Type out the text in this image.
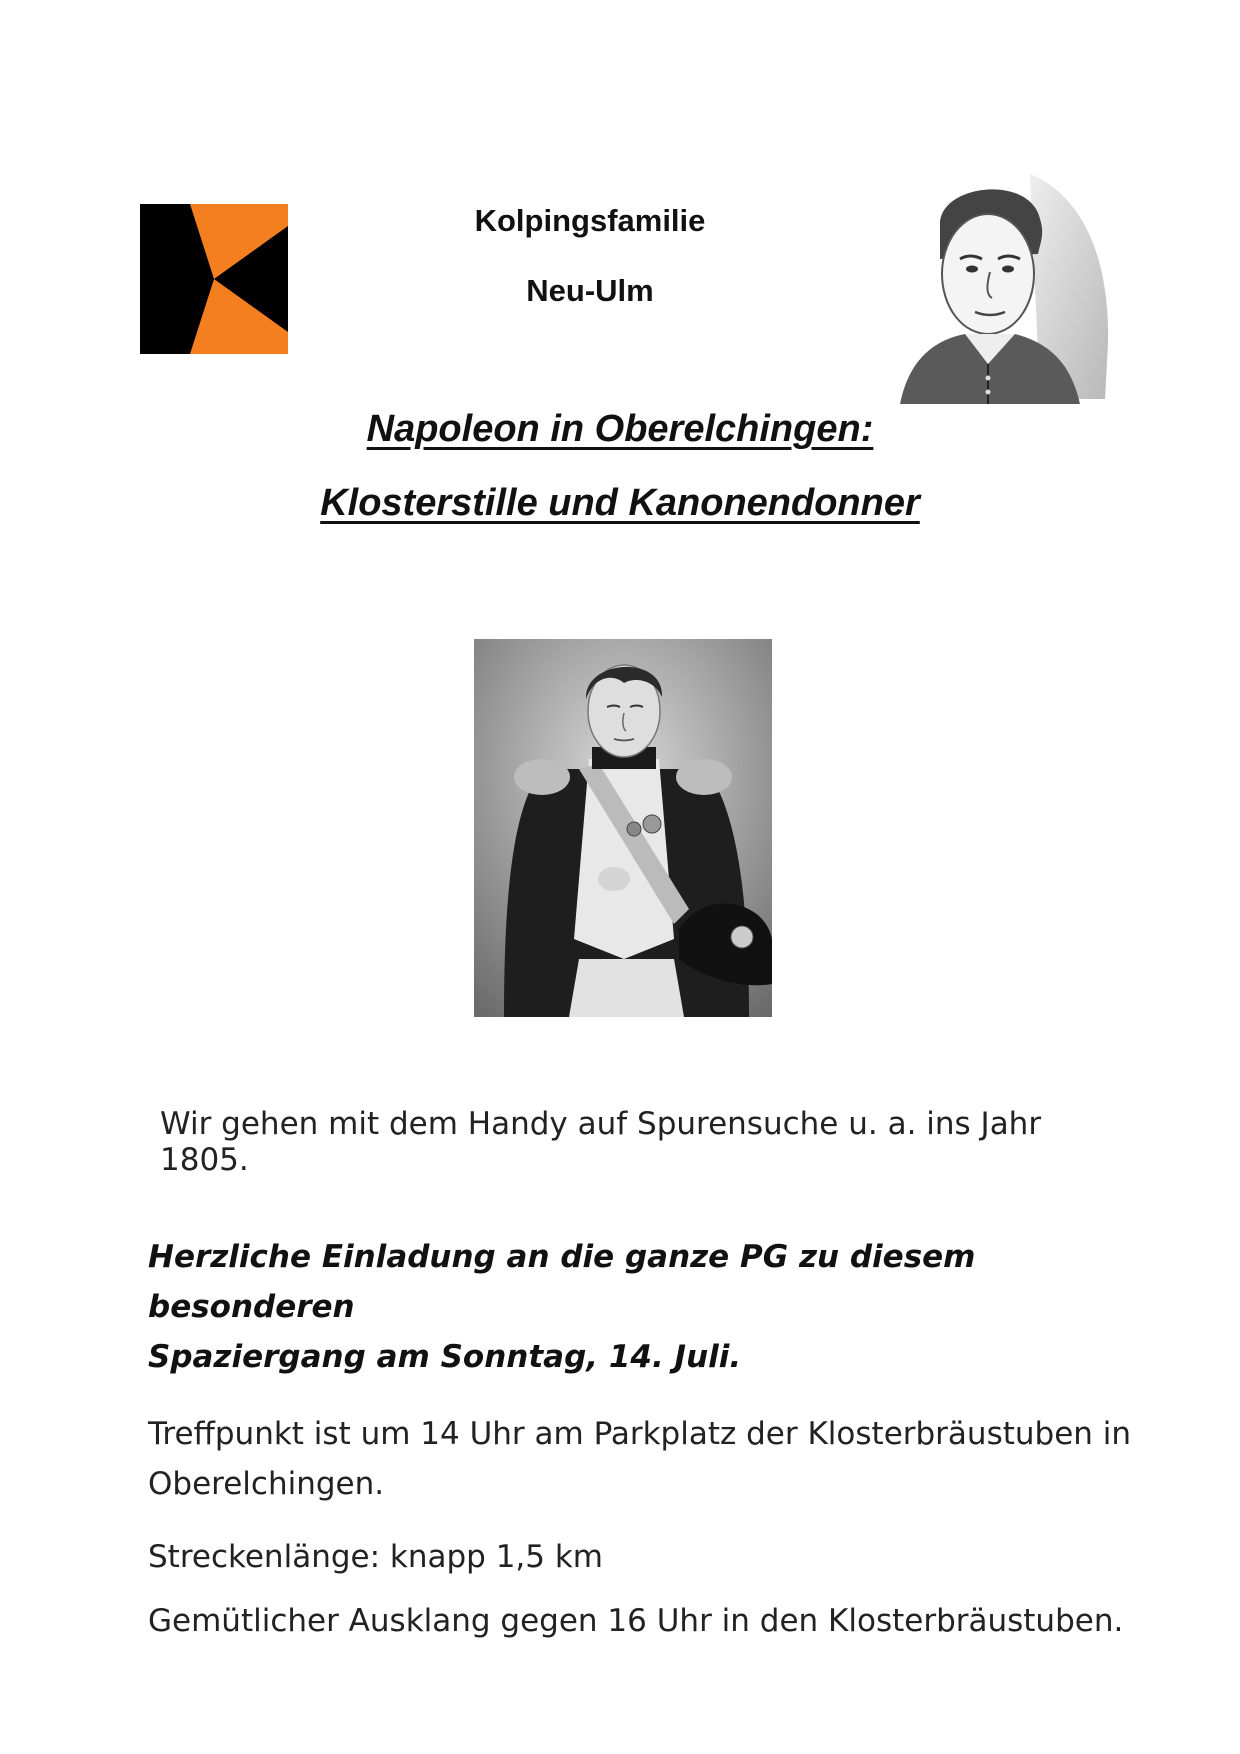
Kolpingsfamilie
Neu-Ulm
Napoleon in Oberelchingen:
Klosterstille und Kanonendonner
Wir gehen mit dem Handy auf Spurensuche u. a. ins Jahr 1805.
Herzliche Einladung an die ganze PG zu diesem besonderen
Spaziergang am Sonntag, 14. Juli.
Treffpunkt ist um 14 Uhr am Parkplatz der Klosterbräustuben in
Oberelchingen.
Streckenlänge: knapp 1,5 km
Gemütlicher Ausklang gegen 16 Uhr in den Klosterbräustuben.
